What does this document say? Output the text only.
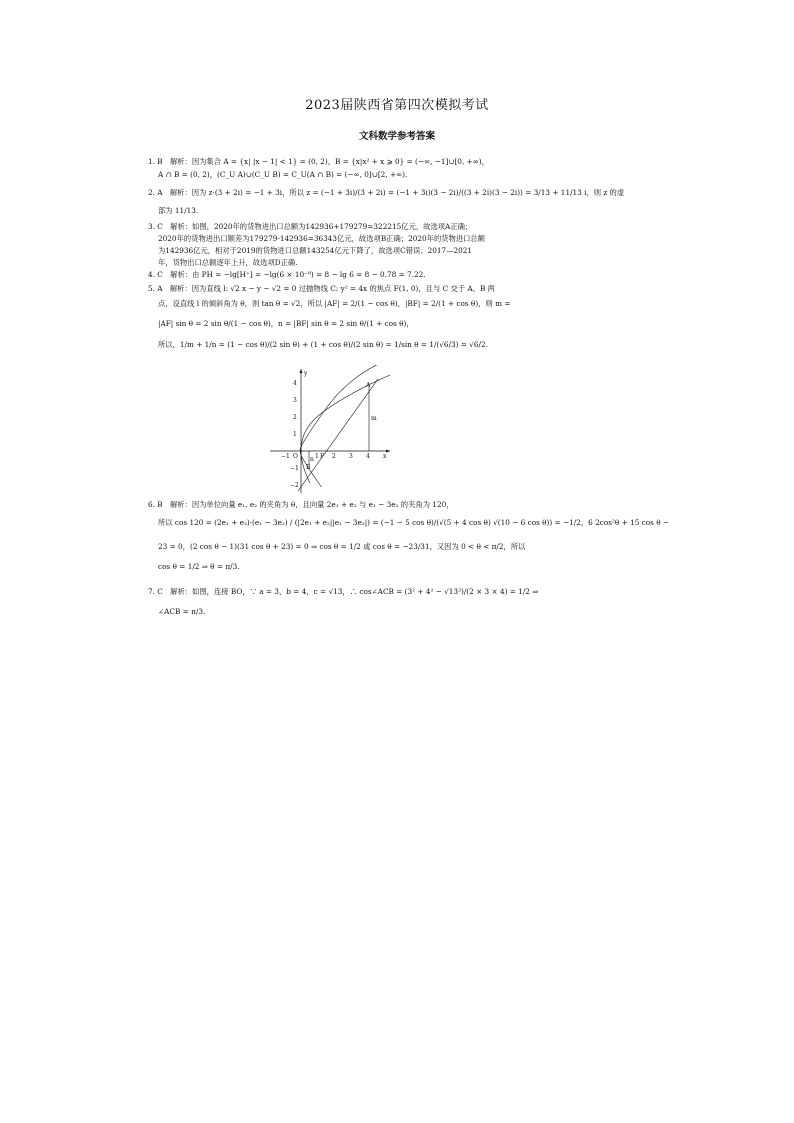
2023届陕西省第四次模拟考试
文科数学参考答案
1. B　解析：因为集合 A = {x| |x − 1| < 1} = (0, 2)，B = {x|x² + x ⩾ 0} = (−∞, −1]∪[0, +∞)，
A ∩ B = (0, 2)，(C_U A)∪(C_U B) = C_U(A ∩ B) = (−∞, 0]∪[2, +∞).
2. A　解析：因为 z·(3 + 2i) = −1 + 3i，所以 z = (−1 + 3i)/(3 + 2i) = (−1 + 3i)(3 − 2i)/((3 + 2i)(3 − 2i)) = 3/13 + 11/13 i，则 z 的虚
部为 11/13.
3. C　解析：如图，2020年的货物进出口总额为142936+179279=322215亿元，故选项A正确；
2020年的货物进出口顺差为179279-142936=36343亿元，故选项B正确；2020年的货物进口总额
为142936亿元，相对于2019的货物进口总额143254亿元下降了，故选项C错误；2017—2021
年，货物出口总额逐年上升，故选项D正确.
4. C　解析：由 PH = −lg[H⁺] = −lg(6 × 10⁻⁸) = 8 − lg 6 = 8 − 0.78 = 7.22.
5. A　解析：因为直线 l: √2 x − y − √2 = 0 过抛物线 C: y² = 4x 的焦点 F(1, 0)，且与 C 交于 A、B 两
点，设直线 l 的倾斜角为 θ，则 tan θ = √2，所以 |AF| = 2/(1 − cos θ)，|BF| = 2/(1 + cos θ)，则 m =
|AF| sin θ = 2 sin θ/(1 − cos θ)，n = |BF| sin θ = 2 sin θ/(1 + cos θ)，
所以，1/m + 1/n = (1 − cos θ)/(2 sin θ) + (1 + cos θ)/(2 sin θ) = 1/sin θ = 1/(√6/3) = √6/2.
−1 O	1 F 2 3 4 x
4
3
2
1
−1
−2
y
A
B
m
n
6. B　解析：因为单位向量 e₁, e₂ 的夹角为 θ，且向量 2e₁ + e₂ 与 e₁ − 3e₂ 的夹角为 120，
所以 cos 120 = (2e₁ + e₂)·(e₁ − 3e₂) / (|2e₁ + e₂||e₁ − 3e₂|) = (−1 − 5 cos θ)/(√(5 + 4 cos θ) √(10 − 6 cos θ)) = −1/2，6 2cos²θ + 15 cos θ −
23 = 0，(2 cos θ − 1)(31 cos θ + 23) = 0 ⇒ cos θ = 1/2 或 cos θ = −23/31，又因为 0 < θ < π/2，所以
cos θ = 1/2 ⇒ θ = π/3.
7. C　解析：如图，连接 BO，∵ a = 3，b = 4，c = √13，∴ cos∠ACB = (3² + 4² − √13²)/(2 × 3 × 4) = 1/2 ⇒
∠ACB = π/3.
